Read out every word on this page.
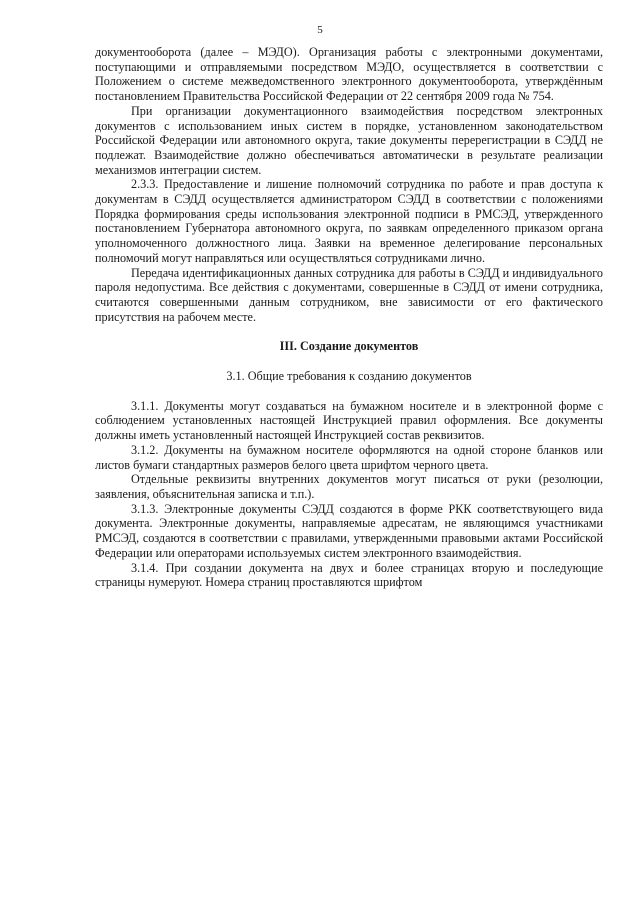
5

документооборота (далее – МЭДО). Организация работы с электронными документами, поступающими и отправляемыми посредством МЭДО, осуществляется в соответствии с Положением о системе межведомственного электронного документооборота, утверждённым постановлением Правительства Российской Федерации от 22 сентября 2009 года № 754.

При организации документационного взаимодействия посредством электронных документов с использованием иных систем в порядке, установленном законодательством Российской Федерации или автономного округа, такие документы перерегистрации в СЭДД не подлежат. Взаимодействие должно обеспечиваться автоматически в результате реализации механизмов интеграции систем.

2.3.3. Предоставление и лишение полномочий сотрудника по работе и прав доступа к документам в СЭДД осуществляется администратором СЭДД в соответствии с положениями Порядка формирования среды использования электронной подписи в РМСЭД, утвержденного постановлением Губернатора автономного округа, по заявкам определенного приказом органа уполномоченного должностного лица. Заявки на временное делегирование персональных полномочий могут направляться или осуществляться сотрудниками лично.

Передача идентификационных данных сотрудника для работы в СЭДД и индивидуального пароля недопустима. Все действия с документами, совершенные в СЭДД от имени сотрудника, считаются совершенными данным сотрудником, вне зависимости от его фактического присутствия на рабочем месте.

III. Создание документов
3.1. Общие требования к созданию документов

3.1.1. Документы могут создаваться на бумажном носителе и в электронной форме с соблюдением установленных настоящей Инструкцией правил оформления. Все документы должны иметь установленный настоящей Инструкцией состав реквизитов.

3.1.2. Документы на бумажном носителе оформляются на одной стороне бланков или листов бумаги стандартных размеров белого цвета шрифтом черного цвета.

Отдельные реквизиты внутренних документов могут писаться от руки (резолюции, заявления, объяснительная записка и т.п.).

3.1.3. Электронные документы СЭДД создаются в форме РКК соответствующего вида документа. Электронные документы, направляемые адресатам, не являющимся участниками РМСЭД, создаются в соответствии с правилами, утвержденными правовыми актами Российской Федерации или операторами используемых систем электронного взаимодействия.

3.1.4. При создании документа на двух и более страницах вторую и последующие страницы нумеруют. Номера страниц проставляются шрифтом
